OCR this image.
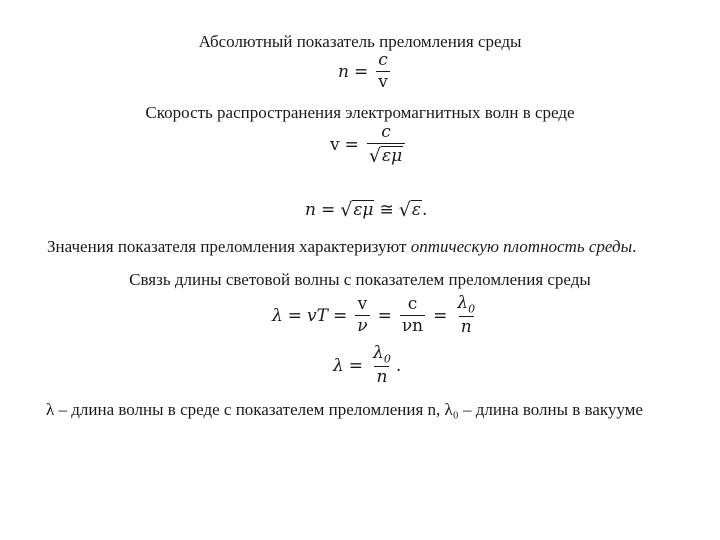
Абсолютный показатель преломления среды
$n = \frac{c}{v}$
Скорость распространения электромагнитных волн в среде
$v = \frac{c}{√ \varepsilon\mu}$
n = √ εμ ≅ √ ε .
Значения показателя преломления характеризуют оптическую плотность среды.
Связь длины световой волны с показателем преломления среды
λ = vT = $\frac{v}{\nu} = \frac{c}{\nu n} = \frac{\lambda_0}{n}$
$\lambda = \frac{\lambda_0}{n}$ .
λ – длина волны в среде с показателем преломления n, λ₀ – длина волны в вакууме
